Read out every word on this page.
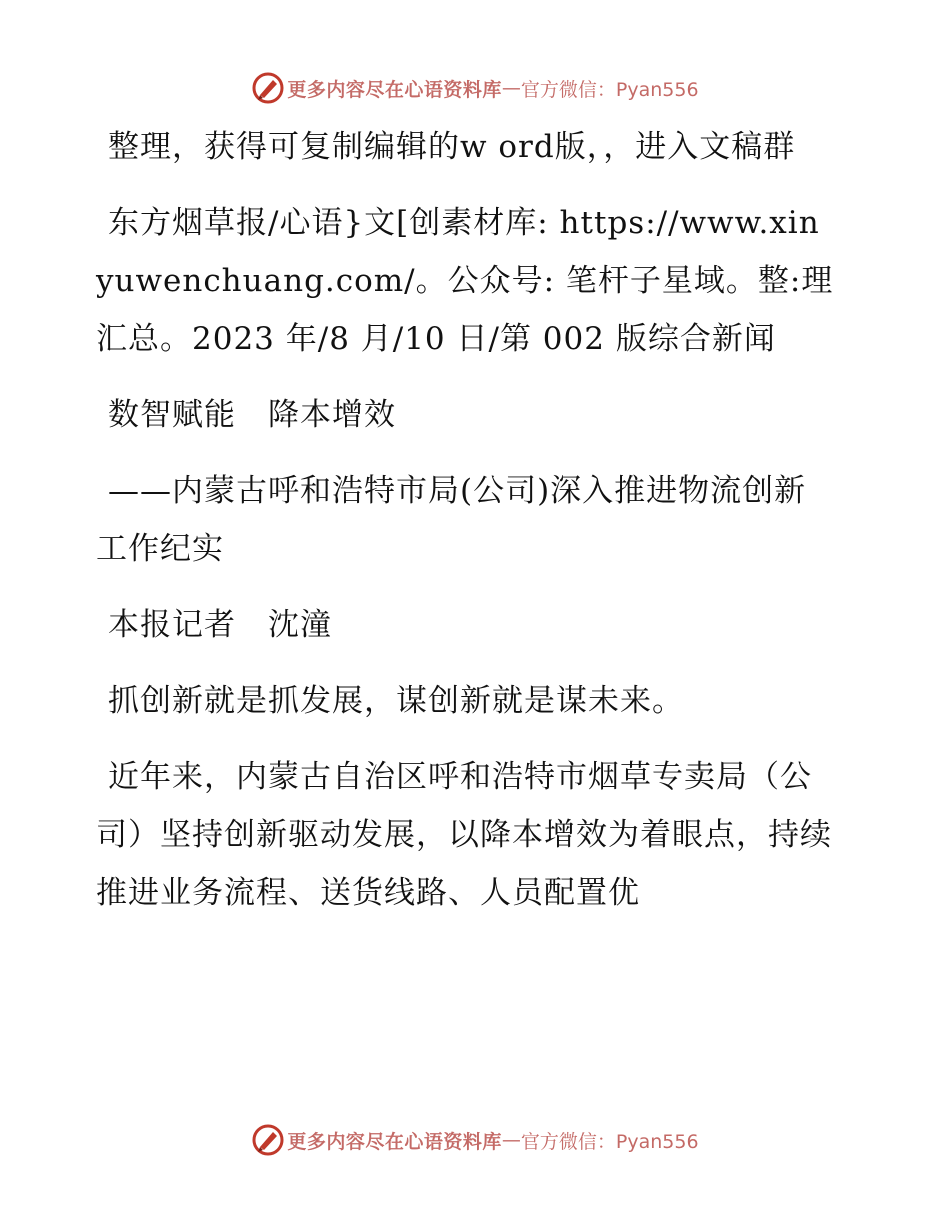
更多内容尽在心语资料库 — 官方微信：Pyan556

整理，获得可复制编辑的w ord版，，进入文稿群

东方烟草报/心语}文[创素材库: https://www.xinyuwenchuang.com/。公众号: 笔杆子星域。整:理汇总。2023 年/8 月/10 日/第 002 版综合新闻

数智赋能　降本增效

——内蒙古呼和浩特市局(公司)深入推进物流创新工作纪实

本报记者　沈潼

抓创新就是抓发展，谋创新就是谋未来。

近年来，内蒙古自治区呼和浩特市烟草专卖局（公司）坚持创新驱动发展，以降本增效为着眼点，持续推进业务流程、送货线路、人员配置优

更多内容尽在心语资料库 — 官方微信：Pyan556
